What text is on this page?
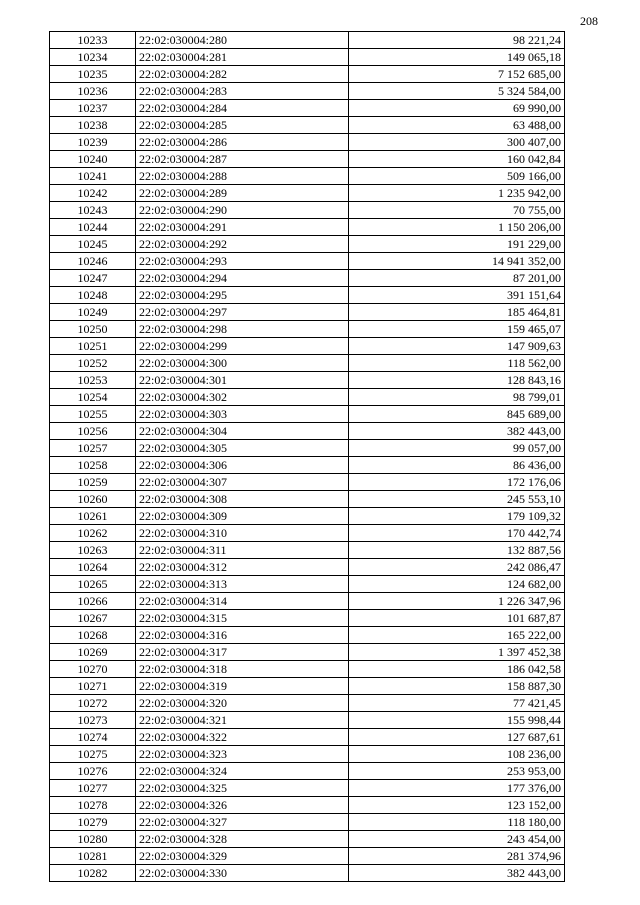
208
10233	22:02:030004:280	98 221,24
10234	22:02:030004:281	149 065,18
10235	22:02:030004:282	7 152 685,00
10236	22:02:030004:283	5 324 584,00
10237	22:02:030004:284	69 990,00
10238	22:02:030004:285	63 488,00
10239	22:02:030004:286	300 407,00
10240	22:02:030004:287	160 042,84
10241	22:02:030004:288	509 166,00
10242	22:02:030004:289	1 235 942,00
10243	22:02:030004:290	70 755,00
10244	22:02:030004:291	1 150 206,00
10245	22:02:030004:292	191 229,00
10246	22:02:030004:293	14 941 352,00
10247	22:02:030004:294	87 201,00
10248	22:02:030004:295	391 151,64
10249	22:02:030004:297	185 464,81
10250	22:02:030004:298	159 465,07
10251	22:02:030004:299	147 909,63
10252	22:02:030004:300	118 562,00
10253	22:02:030004:301	128 843,16
10254	22:02:030004:302	98 799,01
10255	22:02:030004:303	845 689,00
10256	22:02:030004:304	382 443,00
10257	22:02:030004:305	99 057,00
10258	22:02:030004:306	86 436,00
10259	22:02:030004:307	172 176,06
10260	22:02:030004:308	245 553,10
10261	22:02:030004:309	179 109,32
10262	22:02:030004:310	170 442,74
10263	22:02:030004:311	132 887,56
10264	22:02:030004:312	242 086,47
10265	22:02:030004:313	124 682,00
10266	22:02:030004:314	1 226 347,96
10267	22:02:030004:315	101 687,87
10268	22:02:030004:316	165 222,00
10269	22:02:030004:317	1 397 452,38
10270	22:02:030004:318	186 042,58
10271	22:02:030004:319	158 887,30
10272	22:02:030004:320	77 421,45
10273	22:02:030004:321	155 998,44
10274	22:02:030004:322	127 687,61
10275	22:02:030004:323	108 236,00
10276	22:02:030004:324	253 953,00
10277	22:02:030004:325	177 376,00
10278	22:02:030004:326	123 152,00
10279	22:02:030004:327	118 180,00
10280	22:02:030004:328	243 454,00
10281	22:02:030004:329	281 374,96
10282	22:02:030004:330	382 443,00
